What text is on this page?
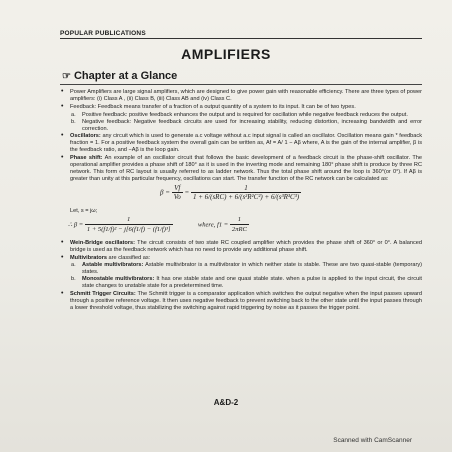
POPULAR PUBLICATIONS
AMPLIFIERS
☞ Chapter at a Glance
• Power Amplifiers are large signal amplifiers, which are designed to give power gain with reasonable efficiency. There are three types of power amplifiers: (i) Class A , (ii) Class B, (iii) Class AB and (iv) Class C.
• Feedback: Feedback means transfer of a fraction of a output quantity of a system to its input. It can be of two types.
a. Positive feedback: positive feedback enhances the output and is required for oscillation while negative feedback reduces the output.
b. Negative feedback: Negative feedback circuits are used for increasing stability, reducing distortion, increasing bandwidth and error correction.
• Oscillators: any circuit which is used to generate a.c voltage without a.c input signal is called an oscillator. Oscillation means gain * feedback fraction = 1. For a positive feedback system the overall gain can be written as, Af = A/ 1 − Aβ where, A is the gain of the internal amplifier, β is the feedback ratio, and −Aβ is the loop gain.
• Phase shift: An example of an oscillator circuit that follows the basic development of a feedback circuit is the phase-shift oscillator. The operational amplifier provides a phase shift of 180° as it is used in the inverting mode and remaining 180° phase shift is produce by three RC network. This form of RC layout is usually referred to as ladder network. Thus the total phase shift around the loop is 360°(or 0°). If Aβ is greater than unity at this particular frequency, oscillations can start. The transfer function of the RC network can be calculated as:
$\beta = \frac{Vf}{Vo} = \frac{1}{\text{1 + 6/(sRC) + 6/(s²R²C²) + 6/(s³R³C³)}}$
Let, s = jω;
∴ $\beta = \frac{1}{\text{1 + 5(f1/f)² − j[6(f1/f) − (f1/f)³]}}$	where, $f1 = \frac{1}{\text{2πRC}}$
• Wein-Bridge oscillators: The circuit consists of two state RC coupled amplifier which provides the phase shift of 360° or 0°. A balanced bridge is used as the feedback network which has no need to provide any additional phase shift.
• Multivibrators are classified as:
a. Astable multivibrators: Astable multivibrator is a multivibrator in which neither state is stable. These are two quasi-stable (temporary) states.
b. Monostable multivibrators: It has one stable state and one quasi stable state. when a pulse is applied to the input circuit, the circuit state changes to unstable state for a predetermined time.
• Schmitt Trigger Circuits: The Schmitt trigger is a comparator application which switches the output negative when the input passes upward through a positive reference voltage. It then uses negative feedback to prevent switching back to the other state until the input passes through a lower threshold voltage, thus stabilizing the switching against rapid triggering by noise as it passes the trigger point.
A&D-2
Scanned with CamScanner
